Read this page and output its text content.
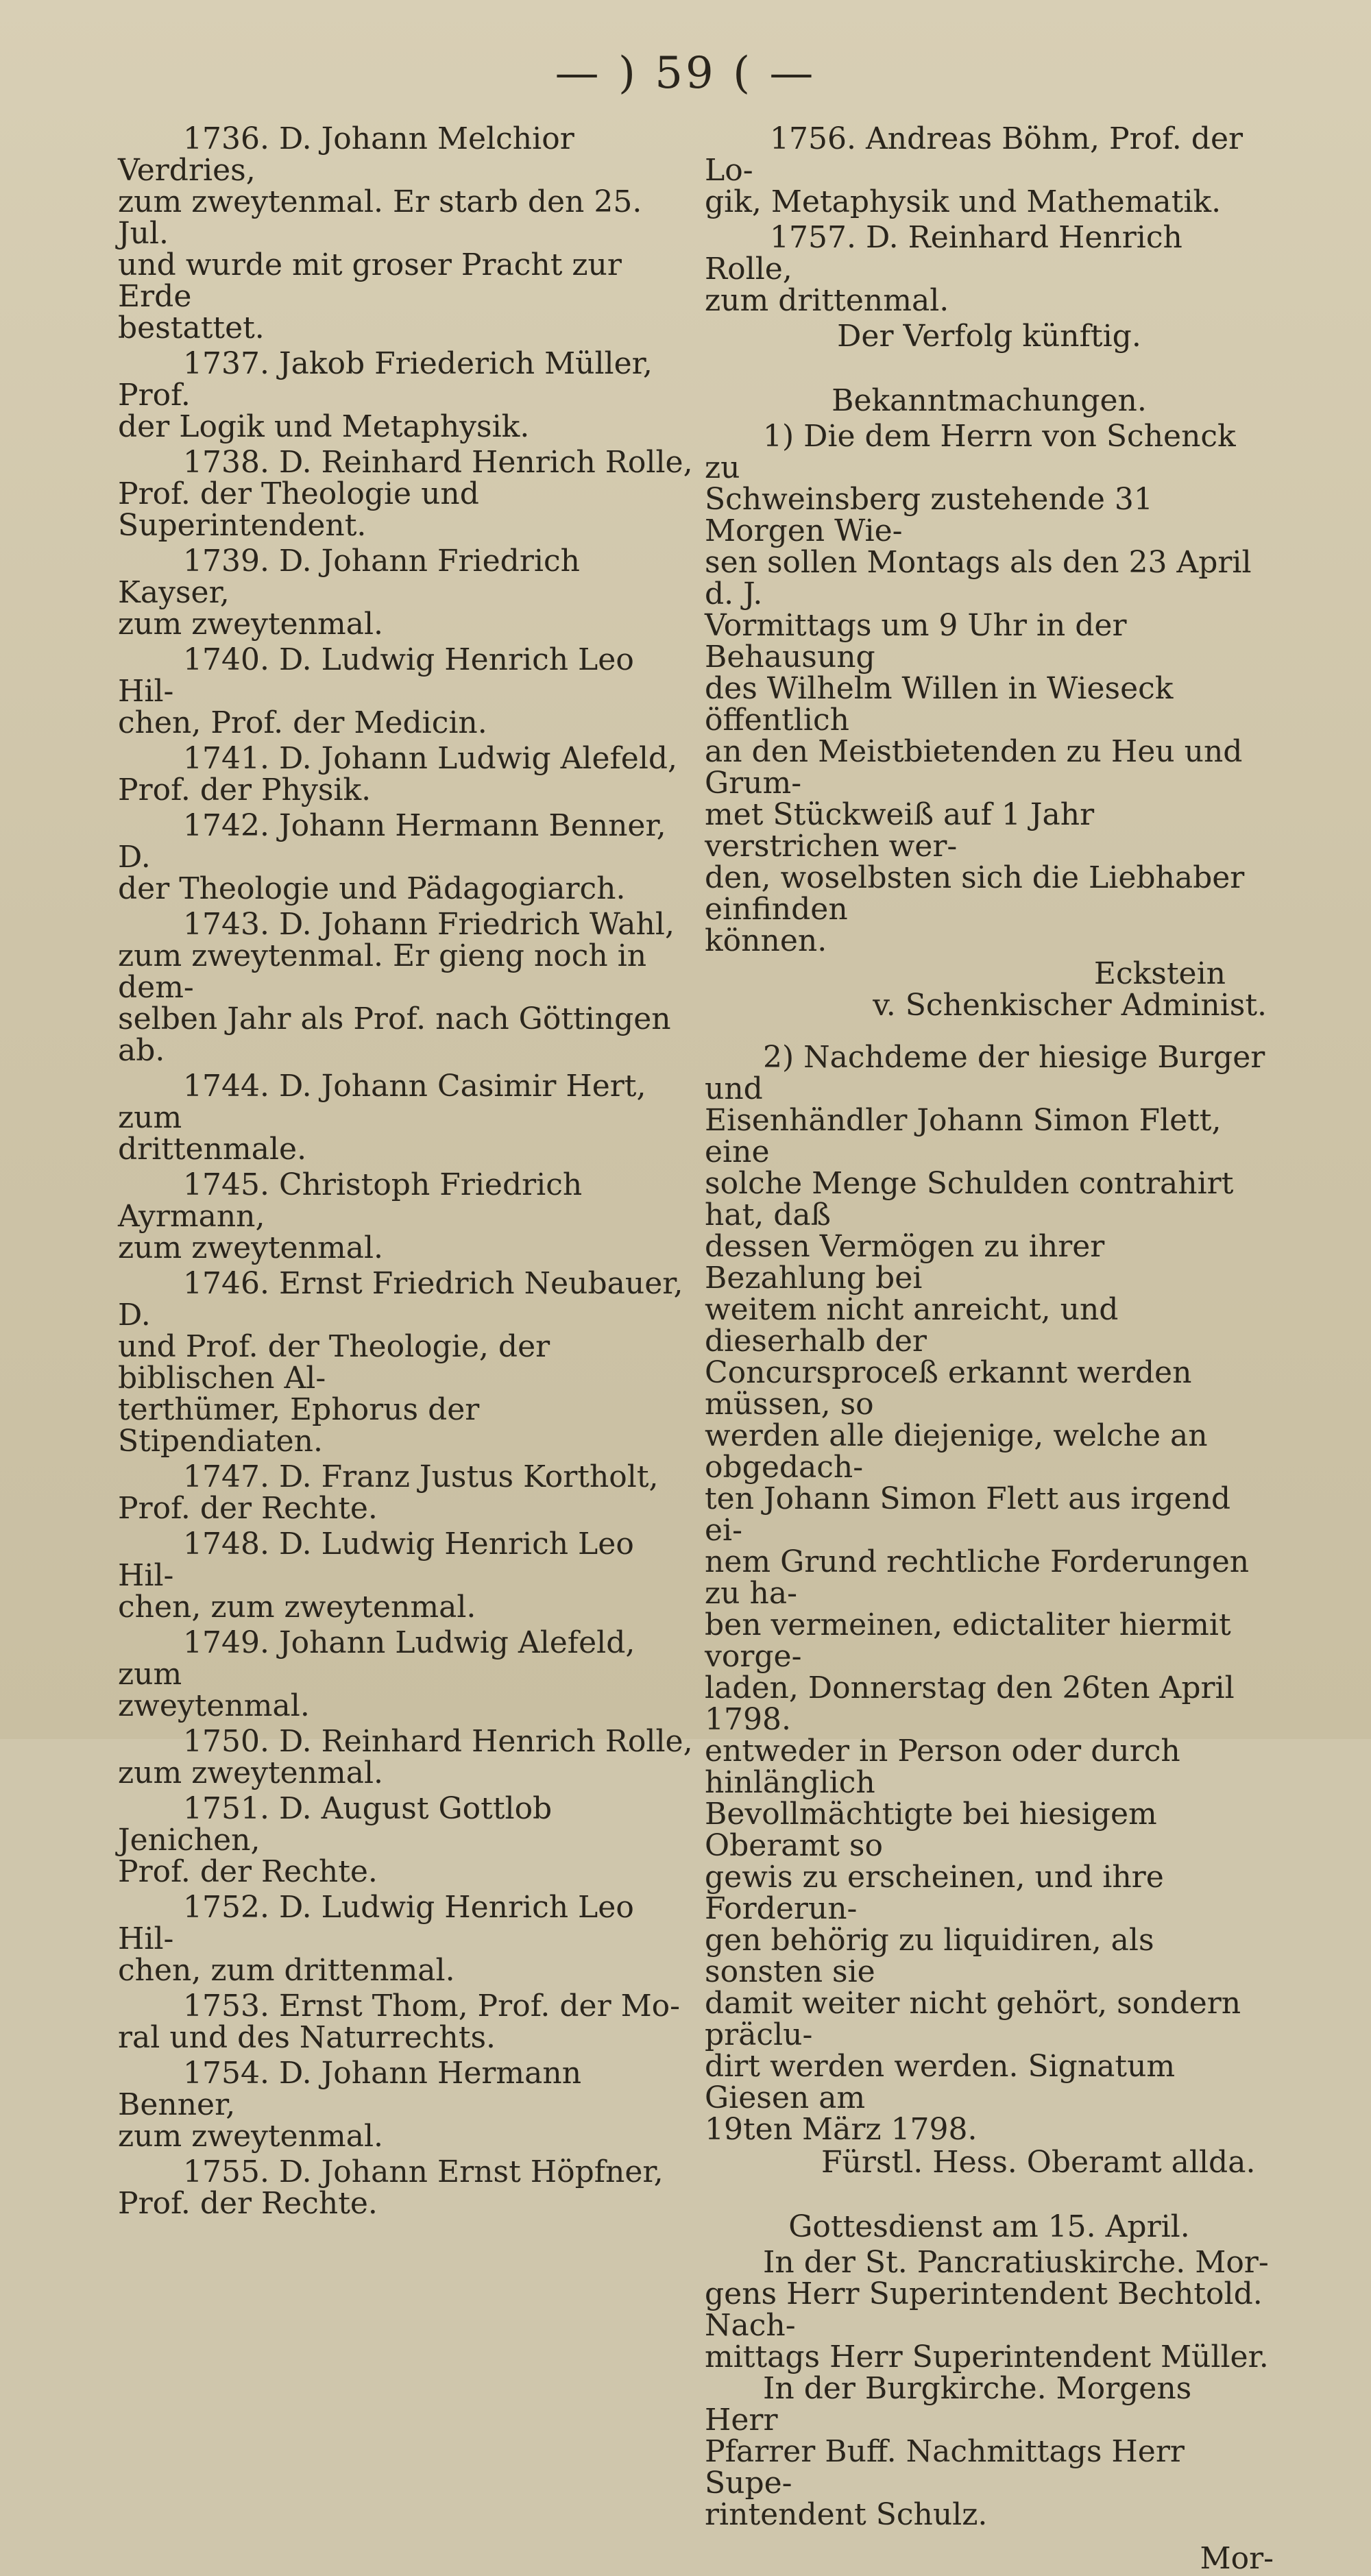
— ) 59 ( —
1736. D. Johann Melchior Verdries,
zum zweytenmal. Er starb den 25. Jul.
und wurde mit groser Pracht zur Erde
bestattet.
1737. Jakob Friederich Müller, Prof.
der Logik und Metaphysik.
1738. D. Reinhard Henrich Rolle,
Prof. der Theologie und Superintendent.
1739. D. Johann Friedrich Kayser,
zum zweytenmal.
1740. D. Ludwig Henrich Leo Hil-
chen, Prof. der Medicin.
1741. D. Johann Ludwig Alefeld,
Prof. der Physik.
1742. Johann Hermann Benner, D.
der Theologie und Pädagogiarch.
1743. D. Johann Friedrich Wahl,
zum zweytenmal. Er gieng noch in dem-
selben Jahr als Prof. nach Göttingen ab.
1744. D. Johann Casimir Hert, zum
drittenmale.
1745. Christoph Friedrich Ayrmann,
zum zweytenmal.
1746. Ernst Friedrich Neubauer, D.
und Prof. der Theologie, der biblischen Al-
terthümer, Ephorus der Stipendiaten.
1747. D. Franz Justus Kortholt,
Prof. der Rechte.
1748. D. Ludwig Henrich Leo Hil-
chen, zum zweytenmal.
1749. Johann Ludwig Alefeld, zum
zweytenmal.
1750. D. Reinhard Henrich Rolle,
zum zweytenmal.
1751. D. August Gottlob Jenichen,
Prof. der Rechte.
1752. D. Ludwig Henrich Leo Hil-
chen, zum drittenmal.
1753. Ernst Thom, Prof. der Mo-
ral und des Naturrechts.
1754. D. Johann Hermann Benner,
zum zweytenmal.
1755. D. Johann Ernst Höpfner,
Prof. der Rechte.
1756. Andreas Böhm, Prof. der Lo-
gik, Metaphysik und Mathematik.
1757. D. Reinhard Henrich Rolle,
zum drittenmal.
Der Verfolg künftig.
Bekanntmachungen.
1) Die dem Herrn von Schenck zu
Schweinsberg zustehende 31 Morgen Wie-
sen sollen Montags als den 23 April d. J.
Vormittags um 9 Uhr in der Behausung
des Wilhelm Willen in Wieseck öffentlich
an den Meistbietenden zu Heu und Grum-
met Stückweiß auf 1 Jahr verstrichen wer-
den, woselbsten sich die Liebhaber einfinden
können.
Eckstein
v. Schenkischer Administ.
2) Nachdeme der hiesige Burger und
Eisenhändler Johann Simon Flett, eine
solche Menge Schulden contrahirt hat, daß
dessen Vermögen zu ihrer Bezahlung bei
weitem nicht anreicht, und dieserhalb der
Concursproceß erkannt werden müssen, so
werden alle diejenige, welche an obgedach-
ten Johann Simon Flett aus irgend ei-
nem Grund rechtliche Forderungen zu ha-
ben vermeinen, edictaliter hiermit vorge-
laden, Donnerstag den 26ten April 1798.
entweder in Person oder durch hinlänglich
Bevollmächtigte bei hiesigem Oberamt so
gewis zu erscheinen, und ihre Forderun-
gen behörig zu liquidiren, als sonsten sie
damit weiter nicht gehört, sondern präclu-
dirt werden werden. Signatum Giesen am
19ten März 1798.
Fürstl. Hess. Oberamt allda.
Gottesdienst am 15. April.
In der St. Pancratiuskirche. Mor-
gens Herr Superintendent Bechtold. Nach-
mittags Herr Superintendent Müller.
In der Burgkirche. Morgens Herr
Pfarrer Buff. Nachmittags Herr Supe-
rintendent Schulz.
Mor-
